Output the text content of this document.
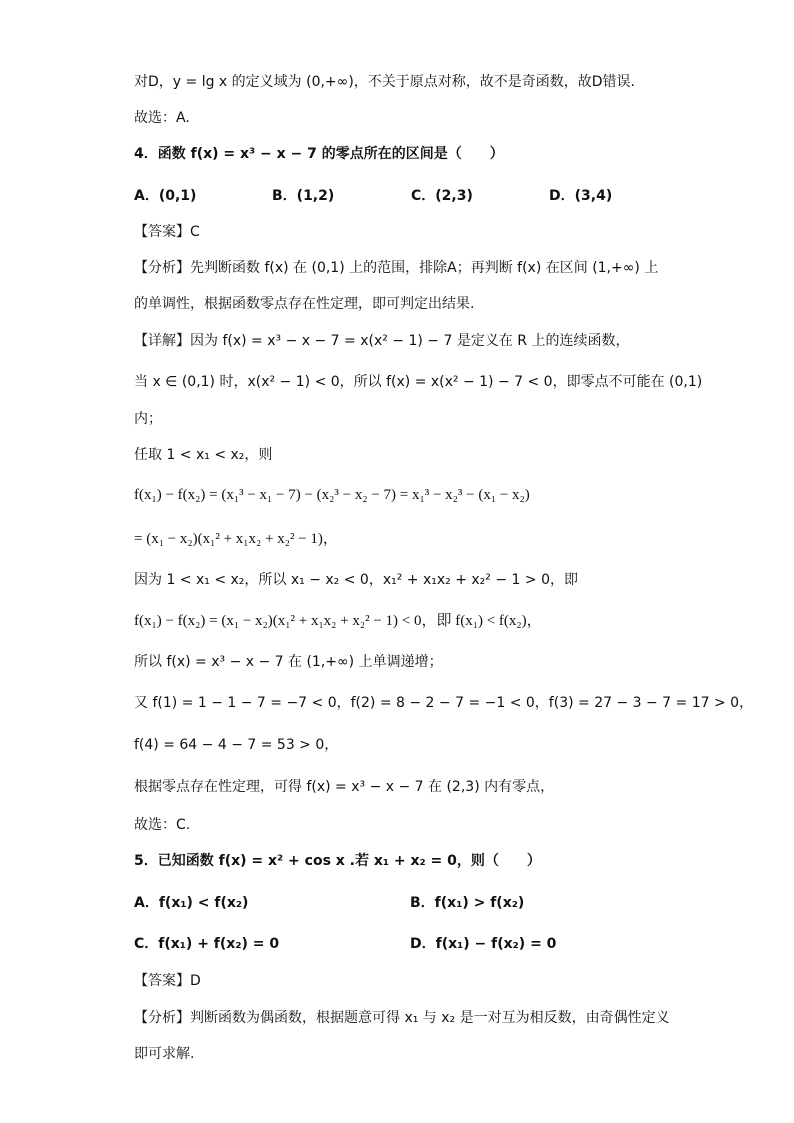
对D，y = lg x 的定义域为 (0,+∞)，不关于原点对称，故不是奇函数，故D错误.
故选：A.
4．函数 f(x) = x³ − x − 7 的零点所在的区间是（　　）
A．(0,1)	B．(1,2)	C．(2,3)	D．(3,4)
【答案】C
【分析】先判断函数 f(x) 在 (0,1) 上的范围，排除A；再判断 f(x) 在区间 (1,+∞) 上
的单调性，根据函数零点存在性定理，即可判定出结果.
【详解】因为 f(x) = x³ − x − 7 = x(x² − 1) − 7 是定义在 R 上的连续函数，
当 x ∈ (0,1) 时，x(x² − 1) < 0，所以 f(x) = x(x² − 1) − 7 < 0，即零点不可能在 (0,1)
内；
任取 1 < x₁ < x₂，则
f(x₁) − f(x₂) = (x₁³ − x₁ − 7) − (x₂³ − x₂ − 7) = x₁³ − x₂³ − (x₁ − x₂)
= (x₁ − x₂)(x₁² + x₁x₂ + x₂² − 1)，
因为 1 < x₁ < x₂，所以 x₁ − x₂ < 0，x₁² + x₁x₂ + x₂² − 1 > 0，即
f(x₁) − f(x₂) = (x₁ − x₂)(x₁² + x₁x₂ + x₂² − 1) < 0，即 f(x₁) < f(x₂)，
所以 f(x) = x³ − x − 7 在 (1,+∞) 上单调递增；
又 f(1) = 1 − 1 − 7 = −7 < 0，f(2) = 8 − 2 − 7 = −1 < 0，f(3) = 27 − 3 − 7 = 17 > 0，
f(4) = 64 − 4 − 7 = 53 > 0，
根据零点存在性定理，可得 f(x) = x³ − x − 7 在 (2,3) 内有零点，
故选：C.
5．已知函数 f(x) = x² + cos x .若 x₁ + x₂ = 0，则（　　）
A．f(x₁) < f(x₂)	B．f(x₁) > f(x₂)
C．f(x₁) + f(x₂) = 0	D．f(x₁) − f(x₂) = 0
【答案】D
【分析】判断函数为偶函数，根据题意可得 x₁ 与 x₂ 是一对互为相反数，由奇偶性定义
即可求解.
